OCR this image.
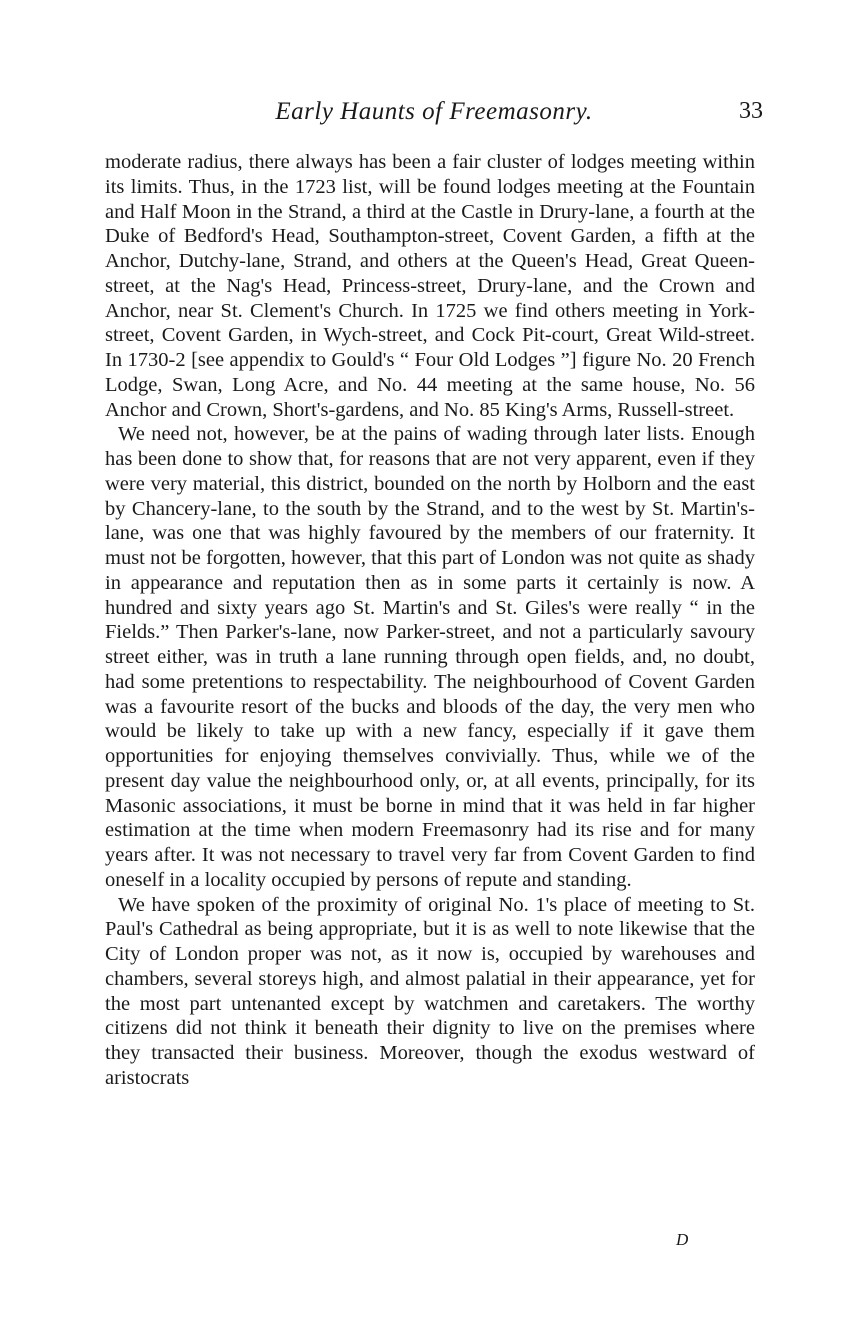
Early Haunts of Freemasonry.	33

moderate radius, there always has been a fair cluster of lodges meeting within its limits. Thus, in the 1723 list, will be found lodges meeting at the Fountain and Half Moon in the Strand, a third at the Castle in Drury-lane, a fourth at the Duke of Bedford's Head, Southampton-street, Covent Garden, a fifth at the Anchor, Dutchy-lane, Strand, and others at the Queen's Head, Great Queen-street, at the Nag's Head, Princess-street, Drury-lane, and the Crown and Anchor, near St. Clement's Church. In 1725 we find others meeting in York-street, Covent Garden, in Wych-street, and Cock Pit-court, Great Wild-street. In 1730-2 [see appendix to Gould's “ Four Old Lodges ”] figure No. 20 French Lodge, Swan, Long Acre, and No. 44 meeting at the same house, No. 56 Anchor and Crown, Short's-gardens, and No. 85 King's Arms, Russell-street.

We need not, however, be at the pains of wading through later lists. Enough has been done to show that, for reasons that are not very apparent, even if they were very material, this district, bounded on the north by Holborn and the east by Chancery-lane, to the south by the Strand, and to the west by St. Martin's-lane, was one that was highly favoured by the members of our fraternity. It must not be forgotten, however, that this part of London was not quite as shady in appearance and reputation then as in some parts it certainly is now. A hundred and sixty years ago St. Martin's and St. Giles's were really “ in the Fields.” Then Parker's-lane, now Parker-street, and not a particularly savoury street either, was in truth a lane running through open fields, and, no doubt, had some pretentions to respectability. The neighbourhood of Covent Garden was a favourite resort of the bucks and bloods of the day, the very men who would be likely to take up with a new fancy, especially if it gave them opportunities for enjoying themselves convivially. Thus, while we of the present day value the neighbourhood only, or, at all events, principally, for its Masonic associations, it must be borne in mind that it was held in far higher estimation at the time when modern Freemasonry had its rise and for many years after. It was not necessary to travel very far from Covent Garden to find oneself in a locality occupied by persons of repute and standing.

We have spoken of the proximity of original No. 1's place of meeting to St. Paul's Cathedral as being appropriate, but it is as well to note likewise that the City of London proper was not, as it now is, occupied by warehouses and chambers, several storeys high, and almost palatial in their appearance, yet for the most part untenanted except by watchmen and caretakers. The worthy citizens did not think it beneath their dignity to live on the premises where they transacted their business. Moreover, though the exodus westward of aristocrats

D
